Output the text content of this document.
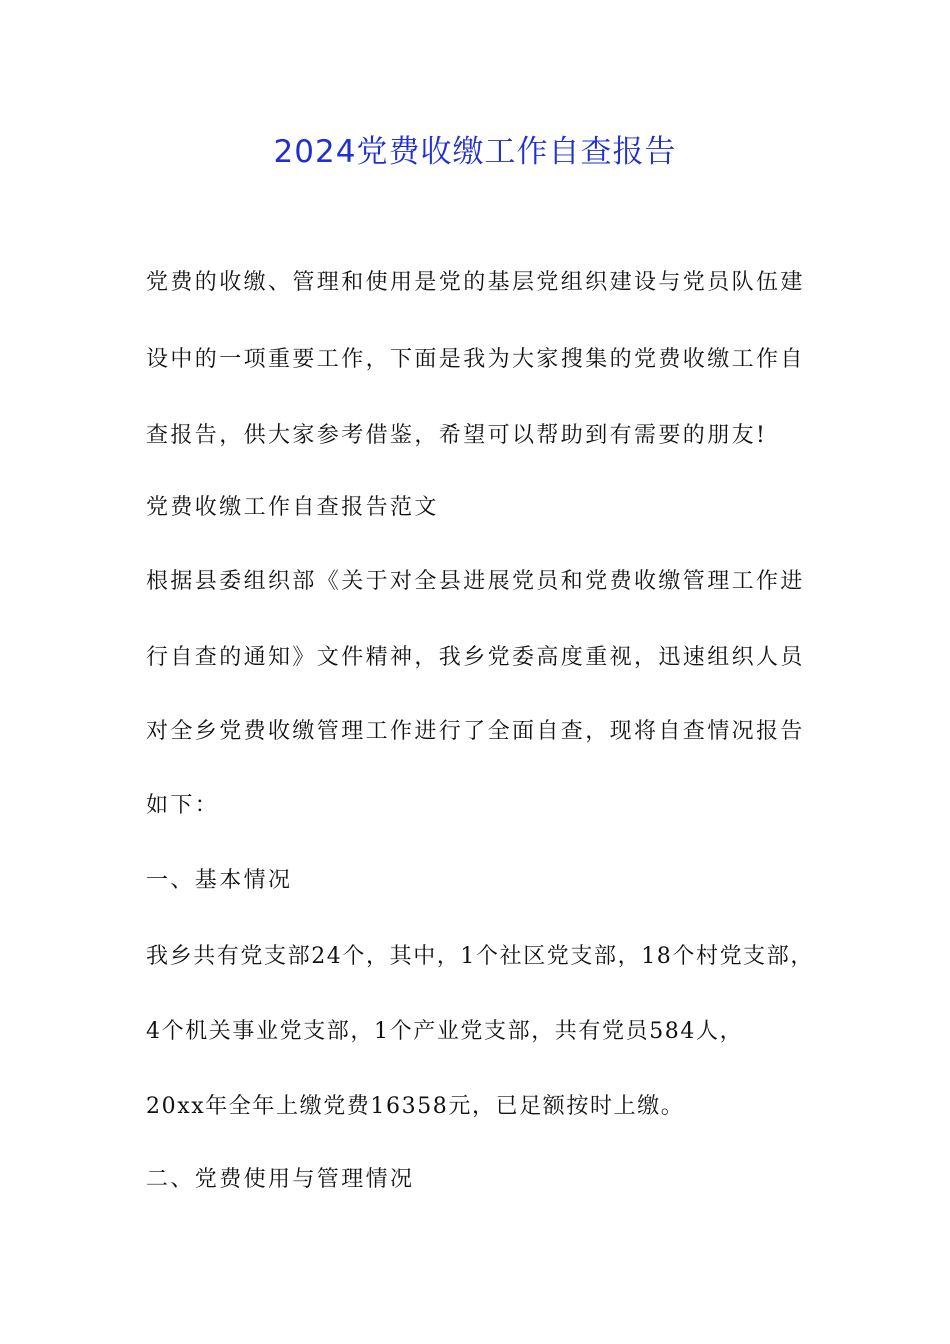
2024党费收缴工作自查报告
党费的收缴、管理和使用是党的基层党组织建设与党员队伍建
设中的一项重要工作，下面是我为大家搜集的党费收缴工作自
查报告，供大家参考借鉴，希望可以帮助到有需要的朋友!
党费收缴工作自查报告范文
根据县委组织部《关于对全县进展党员和党费收缴管理工作进
行自查的通知》文件精神，我乡党委高度重视，迅速组织人员
对全乡党费收缴管理工作进行了全面自查，现将自查情况报告
如下：
一、基本情况
我乡共有党支部24个，其中，1个社区党支部，18个村党支部，
4个机关事业党支部，1个产业党支部，共有党员584人，
20xx年全年上缴党费16358元，已足额按时上缴。
二、党费使用与管理情况
